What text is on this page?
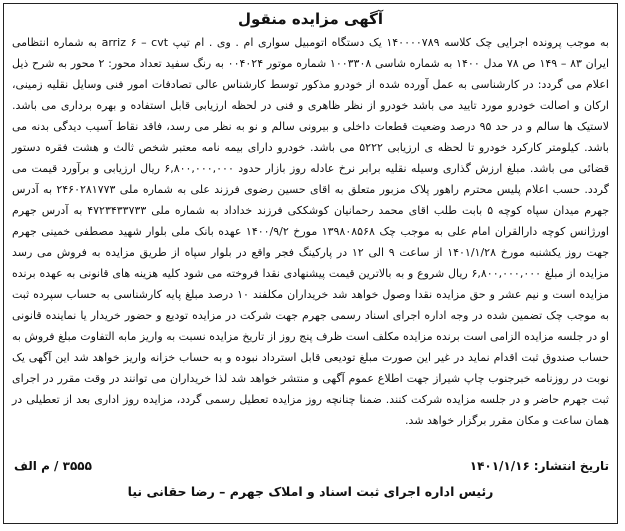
آگهی مزایده منقول

به موجب پرونده اجرایی چک کلاسه ۱۴۰۰۰۰۷۸۹ یک دستگاه اتومبیل سواری ام . وی . ام تیپ arriz ۶ – cvt به شماره انتظامی ایران ۸۳ – ۱۴۹ ص ۷۸ مدل ۱۴۰۰ به شماره شاسی ۱۰۰۳۳۰۸ شماره موتور ۰۰۴۰۲۴ به رنگ سفید تعداد محور: ۲ محور به شرح ذیل اعلام می گردد: در کارشناسی به عمل آورده شده از خودرو مذکور توسط کارشناس عالی تصادفات امور فنی وسایل نقلیه زمینی، ارکان و اصالت خودرو مورد تایید می باشد خودرو از نظر ظاهری و فنی در لحظه ارزیابی قابل استفاده و بهره برداری می باشد. لاستیک ها سالم و در حد ۹۵ درصد وضعیت قطعات داخلی و بیرونی سالم و نو به نظر می رسد، فاقد نقاط آسیب دیدگی بدنه می باشد. کیلومتر کارکرد خودرو تا لحظه ی ارزیابی ۵۲۲۲ می باشد. خودرو دارای بیمه نامه معتبر شخص ثالث و هشت فقره دستور قضائی می باشد. مبلغ ارزش گذاری وسیله نقلیه برابر نرخ عادله روز بازار حدود ۶,۸۰۰,۰۰۰,۰۰۰ ریال ارزیابی و برآورد قیمت می گردد. حسب اعلام پلیس محترم راهور پلاک مزبور متعلق به اقای حسین رضوی فرزند علی به شماره ملی ۲۴۶۰۲۸۱۷۷۳ به آدرس جهرم میدان سپاه کوچه ۵ بابت طلب اقای محمد رحمانیان کوشککی فرزند خداداد به شماره ملی ۴۷۲۳۴۳۳۷۳۳ به آدرس جهرم اورژانس کوچه دارالقران امام علی به موجب چک ۱۳۹۸۰۸۵۶۸ مورخ ۱۴۰۰/۹/۲ عهده بانک ملی بلوار شهید مصطفی خمینی جهرم جهت روز یکشنبه مورخ ۱۴۰۱/۱/۲۸ از ساعت ۹ الی ۱۲ در پارکینگ فجر واقع در بلوار سپاه از طریق مزایده به فروش می رسد مزایده از مبلغ ۶,۸۰۰,۰۰۰,۰۰۰ ریال شروع و به بالاترین قیمت پیشنهادی نقدا فروخته می شود کلیه هزینه های قانونی به عهده برنده مزایده است و نیم عشر و حق مزایده نقدا وصول خواهد شد خریداران مکلفند ۱۰ درصد مبلغ پایه کارشناسی به حساب سپرده ثبت به موجب چک تضمین شده در وجه اداره اجرای اسناد رسمی جهرم جهت شرکت در مزایده تودیع و حضور خریدار یا نماینده قانونی او در جلسه مزایده الزامی است برنده مزایده مکلف است ظرف پنج روز از تاریخ مزایده نسبت به واریز مابه التفاوت مبلغ فروش به حساب صندوق ثبت اقدام نماید در غیر این صورت مبلغ تودیعی قابل استرداد نبوده و به حساب خزانه واریز خواهد شد این آگهی یک نوبت در روزنامه خبرجنوب چاپ شیراز جهت اطلاع عموم آگهی و منتشر خواهد شد لذا خریداران می توانند در وقت مقرر در اجرای ثبت جهرم حاضر و در جلسه مزایده شرکت کنند. ضمنا چنانچه روز مزایده تعطیل رسمی گردد، مزایده روز اداری بعد از تعطیلی در همان ساعت و مکان مقرر برگزار خواهد شد.

تاریخ انتشار:۱۴۰۱/۱/۱۶
۳۵۵۵ / م الف
رئیس اداره اجرای ثبت اسناد و املاک جهرم – رضا حقانی نیا
